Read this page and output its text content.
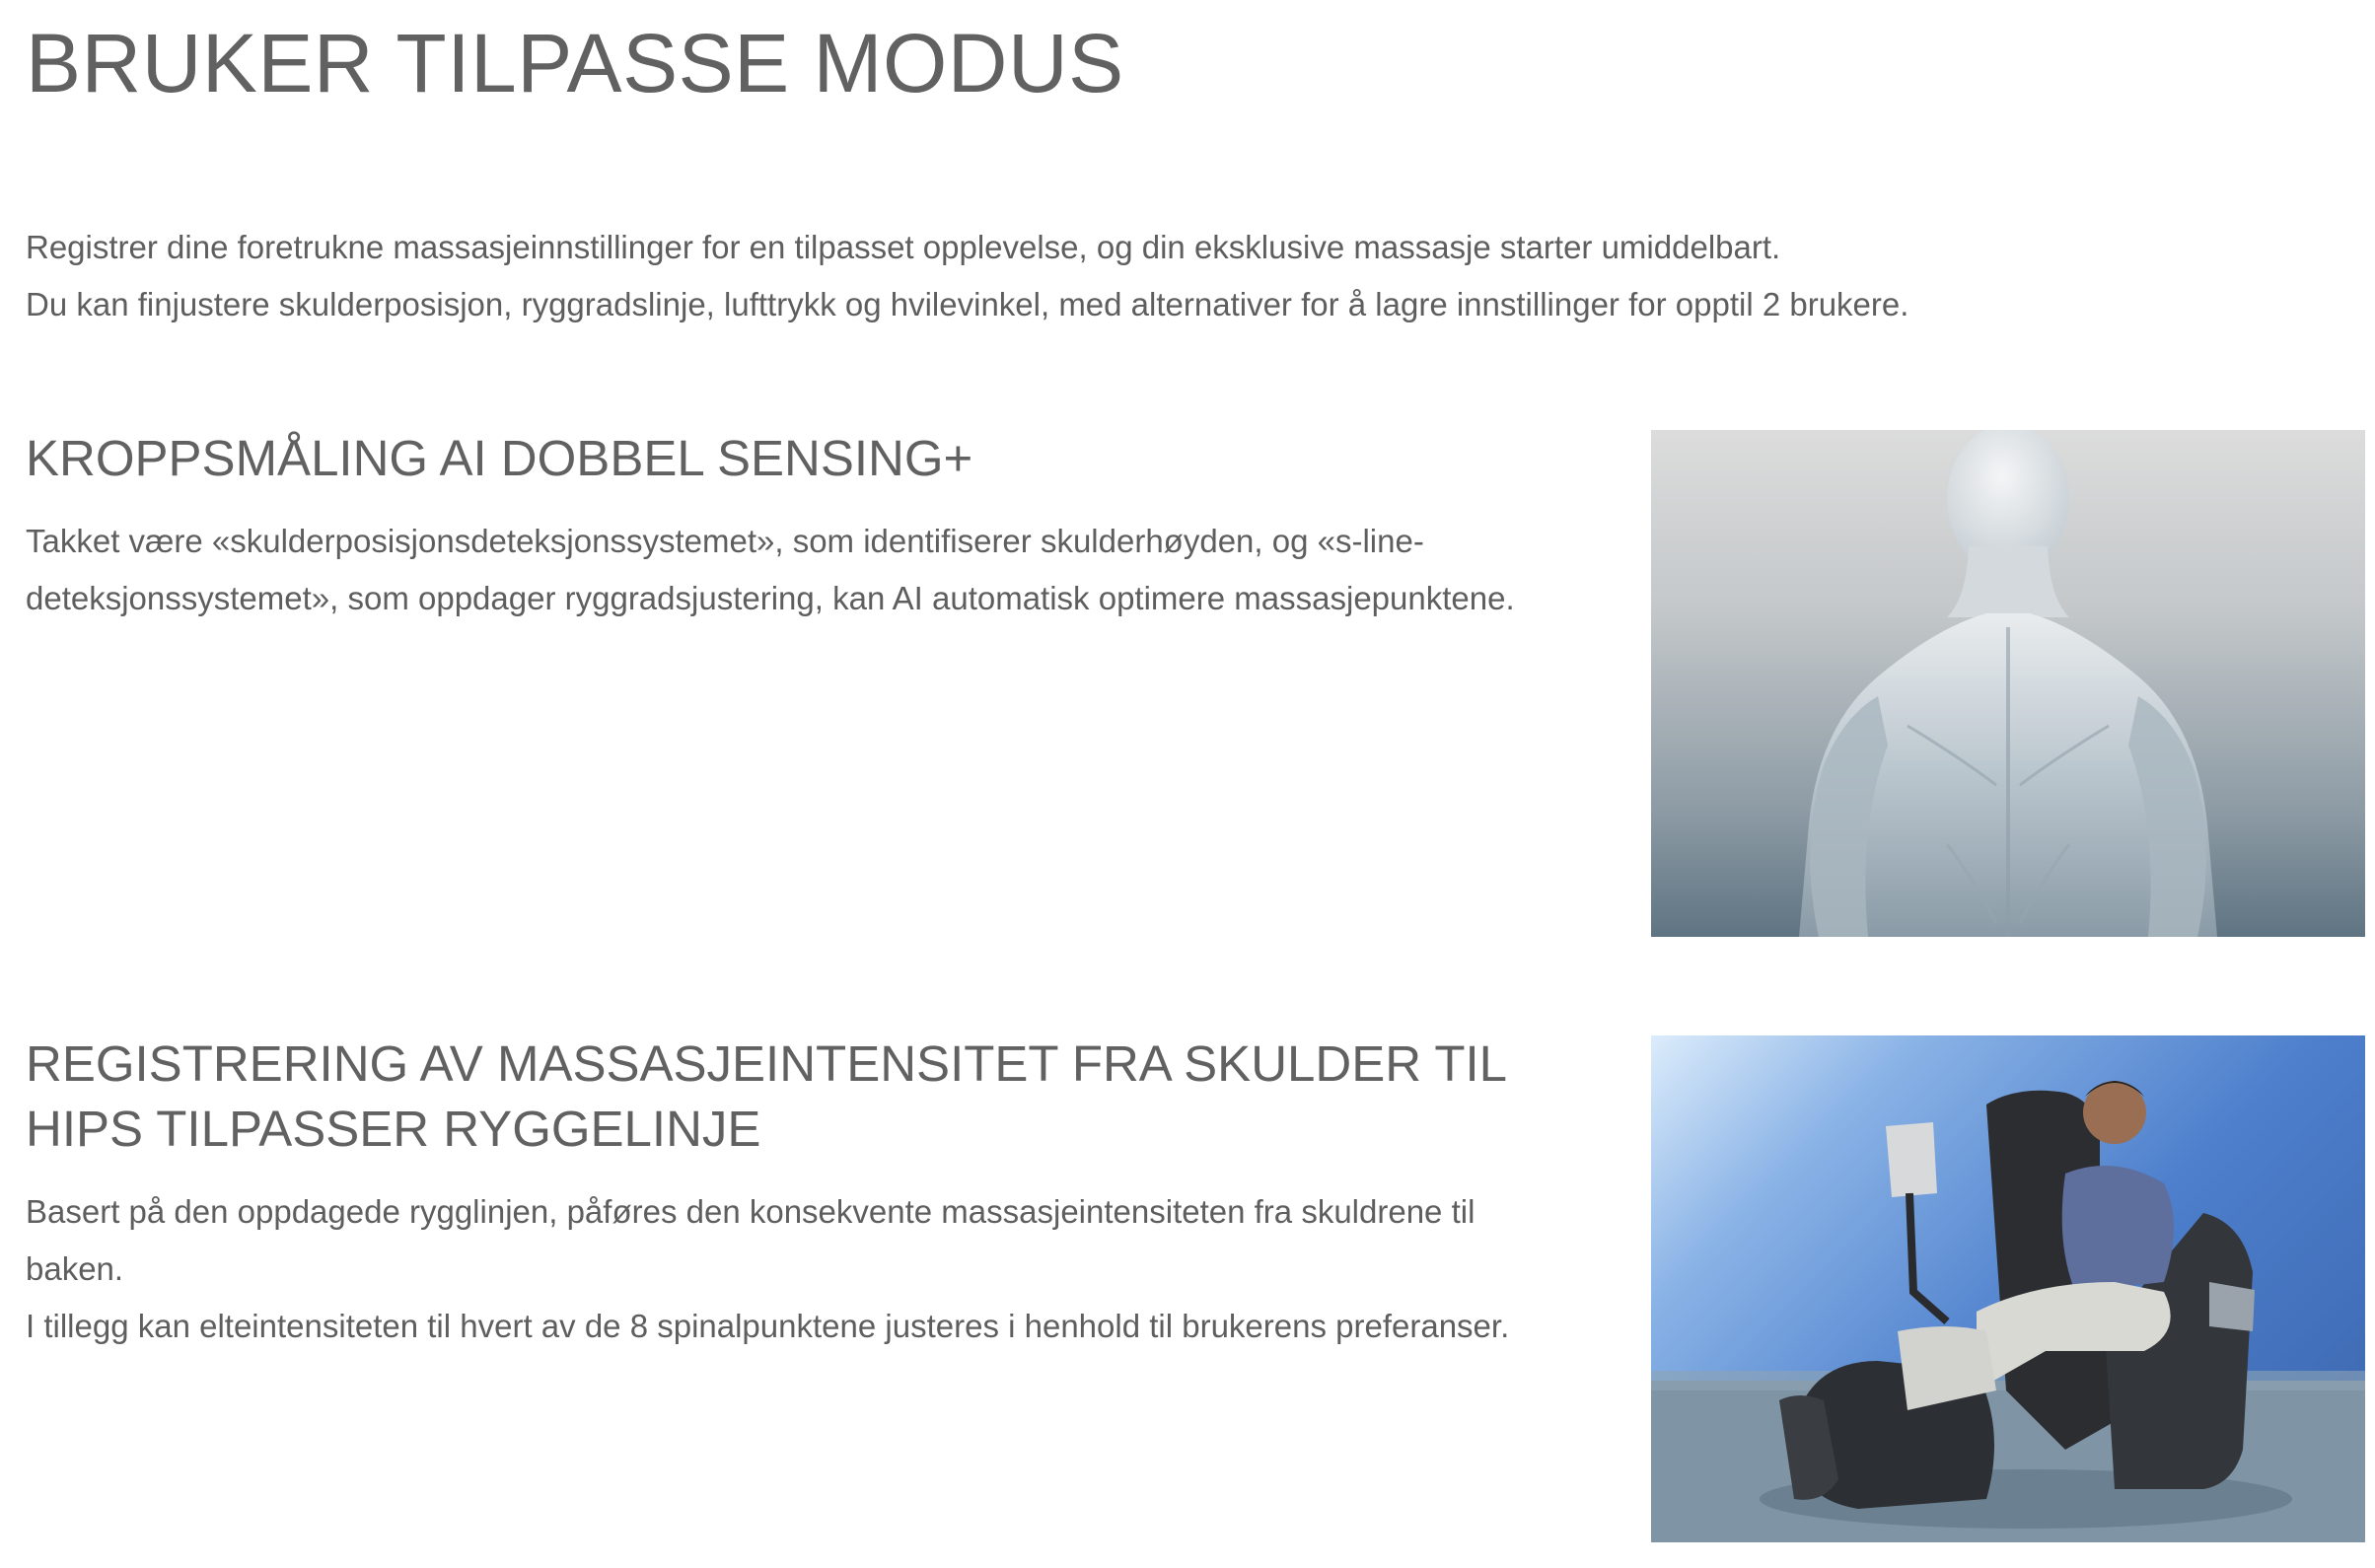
BRUKER TILPASSE MODUS

Registrer dine foretrukne massasjeinnstillinger for en tilpasset opplevelse, og din eksklusive massasje starter umiddelbart.

Du kan finjustere skulderposisjon, ryggradslinje, lufttrykk og hvilevinkel, med alternativer for å lagre innstillinger for opptil 2 brukere.

KROPPSMÅLING AI DOBBEL SENSING+

Takket være «skulderposisjonsdeteksjonssystemet», som identifiserer skulderhøyden, og «s-line-deteksjonssystemet», som oppdager ryggradsjustering, kan AI automatisk optimere massasjepunktene.

REGISTRERING AV MASSASJEINTENSITET FRA SKULDER TIL HIPS TILPASSER RYGGELINJE

Basert på den oppdagede rygglinjen, påføres den konsekvente massasjeintensiteten fra skuldrene til baken.

I tillegg kan elteintensiteten til hvert av de 8 spinalpunktene justeres i henhold til brukerens preferanser.
